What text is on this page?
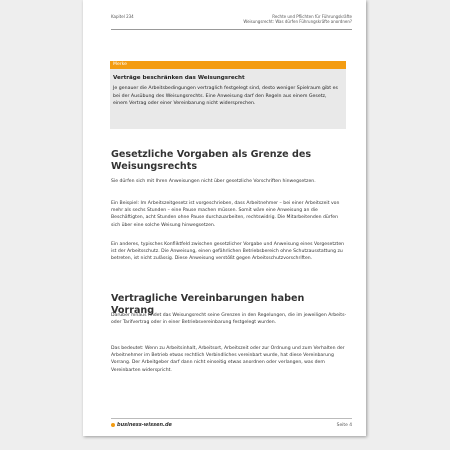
Kapitel 234	Rechte und Pflichten für Führungskräfte
Weisungsrecht: Was dürfen Führungskräfte anordnen?
Merke
Verträge beschränken das Weisungsrecht
Je genauer die Arbeitsbedingungen vertraglich festgelegt sind, desto weniger Spielraum gibt es bei der Ausübung des Weisungsrechts. Eine Anweisung darf den Regeln aus einem Gesetz, einem Vertrag oder einer Vereinbarung nicht widersprechen.
Gesetzliche Vorgaben als Grenze des Weisungsrechts

Sie dürfen sich mit Ihren Anweisungen nicht über gesetzliche Vorschriften hinwegsetzen.

Ein Beispiel: Im Arbeitszeitgesetz ist vorgeschrieben, dass Arbeitnehmer – bei einer Arbeitszeit von mehr als sechs Stunden – eine Pause machen müssen. Somit wäre eine Anweisung an die Beschäftigten, acht Stunden ohne Pause durchzuarbeiten, rechtswidrig. Die Mitarbeitenden dürfen sich über eine solche Weisung hinwegsetzen.

Ein anderes, typisches Konfliktfeld zwischen gesetzlicher Vorgabe und Anweisung eines Vorgesetzten ist der Arbeitsschutz. Die Anweisung, einen gefährlichen Betriebsbereich ohne Schutzausstattung zu betreten, ist nicht zulässig. Diese Anweisung verstößt gegen Arbeitsschutzvorschriften.

Vertragliche Vereinbarungen haben Vorrang

Darüber hinaus findet das Weisungsrecht seine Grenzen in den Regelungen, die im jeweiligen Arbeits- oder Tarifvertrag oder in einer Betriebsvereinbarung festgelegt wurden.

Das bedeutet: Wenn zu Arbeitsinhalt, Arbeitsort, Arbeitszeit oder zur Ordnung und zum Verhalten der Arbeitnehmer im Betrieb etwas rechtlich Verbindliches vereinbart wurde, hat diese Vereinbarung Vorrang. Der Arbeitgeber darf dann nicht einseitig etwas anordnen oder verlangen, was dem Vereinbarten widerspricht.

business-wissen.de	Seite 4
